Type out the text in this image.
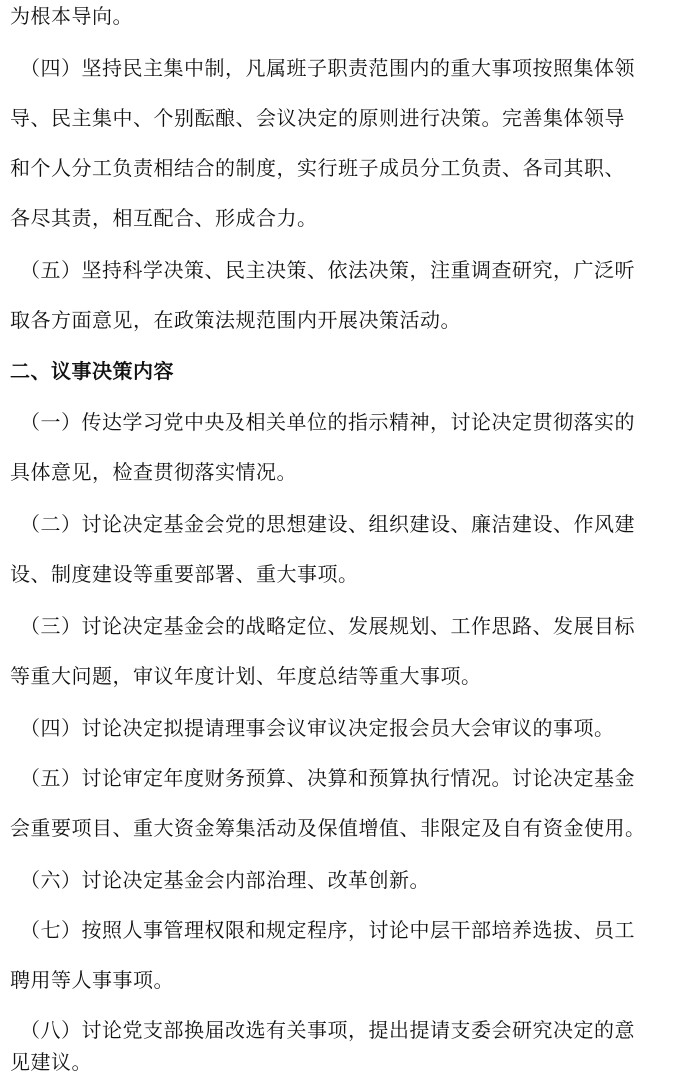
为根本导向。
（四）坚持民主集中制，凡属班子职责范围内的重大事项按照集体领
导、民主集中、个别酝酿、会议决定的原则进行决策。完善集体领导
和个人分工负责相结合的制度，实行班子成员分工负责、各司其职、
各尽其责，相互配合、形成合力。
（五）坚持科学决策、民主决策、依法决策，注重调查研究，广泛听
取各方面意见，在政策法规范围内开展决策活动。
二、议事决策内容
（一）传达学习党中央及相关单位的指示精神，讨论决定贯彻落实的
具体意见，检查贯彻落实情况。
（二）讨论决定基金会党的思想建设、组织建设、廉洁建设、作风建
设、制度建设等重要部署、重大事项。
（三）讨论决定基金会的战略定位、发展规划、工作思路、发展目标
等重大问题，审议年度计划、年度总结等重大事项。
（四）讨论决定拟提请理事会议审议决定报会员大会审议的事项。
（五）讨论审定年度财务预算、决算和预算执行情况。讨论决定基金
会重要项目、重大资金筹集活动及保值增值、非限定及自有资金使用。
（六）讨论决定基金会内部治理、改革创新。
（七）按照人事管理权限和规定程序，讨论中层干部培养选拔、员工
聘用等人事事项。
（八）讨论党支部换届改选有关事项，提出提请支委会研究决定的意
见建议。
